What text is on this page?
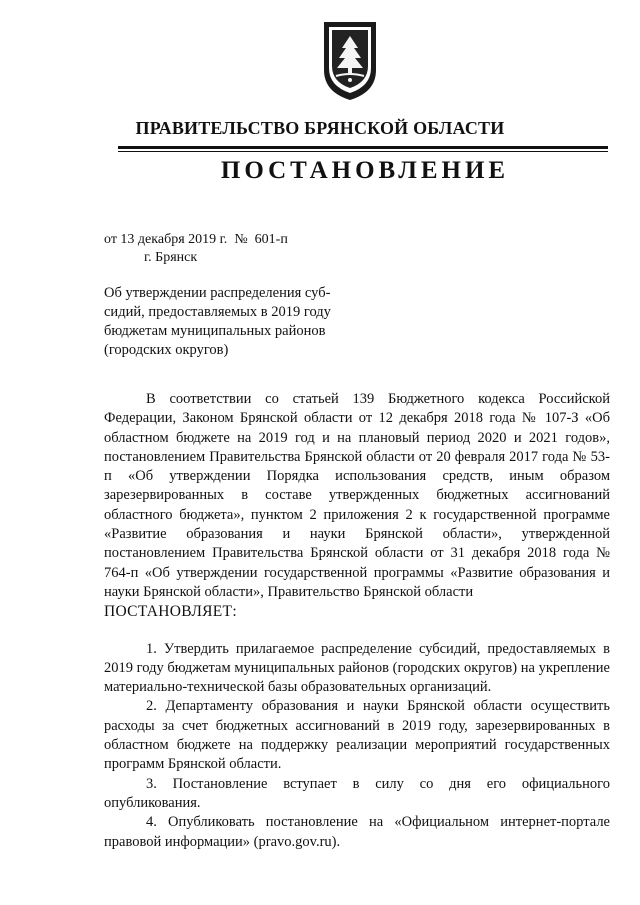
ПРАВИТЕЛЬСТВО БРЯНСКОЙ ОБЛАСТИ
ПОСТАНОВЛЕНИЕ
от 13 декабря 2019 г. № 601-п
г. Брянск
Об утверждении распределения суб-
сидий, предоставляемых в 2019 году
бюджетам муниципальных районов
(городских округов)

В соответствии со статьей 139 Бюджетного кодекса Российской Федерации, Законом Брянской области от 12 декабря 2018 года № 107-З «Об областном бюджете на 2019 год и на плановый период 2020 и 2021 годов», постановлением Правительства Брянской области от 20 февраля 2017 года № 53-п «Об утверждении Порядка использования средств, иным образом зарезервированных в составе утвержденных бюджетных ассигнований областного бюджета», пунктом 2 приложения 2 к государственной программе «Развитие образования и науки Брянской области», утвержденной постановлением Правительства Брянской области от 31 декабря 2018 года № 764-п «Об утверждении государственной программы «Развитие образования и науки Брянской области», Правительство Брянской области

ПОСТАНОВЛЯЕТ:

1. Утвердить прилагаемое распределение субсидий, предоставляемых в 2019 году бюджетам муниципальных районов (городских округов) на укрепление материально-технической базы образовательных организаций.

2. Департаменту образования и науки Брянской области осуществить расходы за счет бюджетных ассигнований в 2019 году, зарезервированных в областном бюджете на поддержку реализации мероприятий государственных программ Брянской области.

3. Постановление вступает в силу со дня его официального опубликования.

4. Опубликовать постановление на «Официальном интернет-портале правовой информации» (pravo.gov.ru).
